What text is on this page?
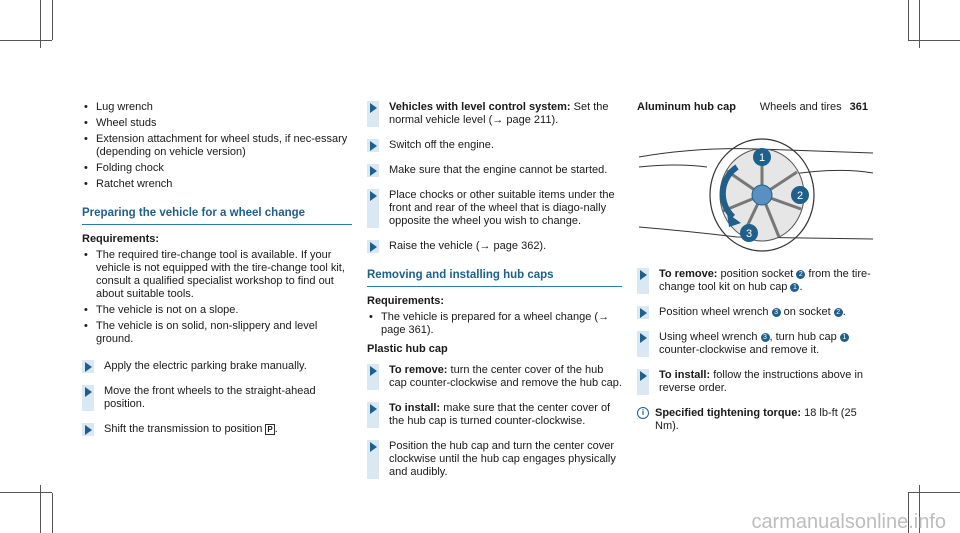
Wheels and tires 361
• Lug wrench
• Wheel studs
• Extension attachment for wheel studs, if nec-essary (depending on vehicle version)
• Folding chock
• Ratchet wrench
Preparing the vehicle for a wheel change
Requirements:
• The required tire-change tool is available. If your vehicle is not equipped with the tire-change tool kit, consult a qualified specialist workshop to find out about suitable tools.
• The vehicle is not on a slope.
• The vehicle is on solid, non-slippery and level ground.
Apply the electric parking brake manually.
Move the front wheels to the straight-ahead position.
Shift the transmission to position P .
Vehicles with level control system: Set the normal vehicle level (→ page 211).
Switch off the engine.
Make sure that the engine cannot be started.
Place chocks or other suitable items under the front and rear of the wheel that is diago-nally opposite the wheel you wish to change.
Raise the vehicle (→ page 362).
Removing and installing hub caps
Requirements:
• The vehicle is prepared for a wheel change (→ page 361).
Plastic hub cap
To remove: turn the center cover of the hub cap counter-clockwise and remove the hub cap.
To install: make sure that the center cover of the hub cap is turned counter-clockwise.
Position the hub cap and turn the center cover clockwise until the hub cap engages physically and audibly.
Aluminum hub cap
1
2
3
To remove: position socket 2 from the tire-change tool kit on hub cap 1 .
Position wheel wrench 3 on socket 2 .
Using wheel wrench 3 , turn hub cap 1 counter-clockwise and remove it.
To install: follow the instructions above in reverse order.
i Specified tightening torque: 18 lb-ft (25 Nm).
carmanualsonline.info
